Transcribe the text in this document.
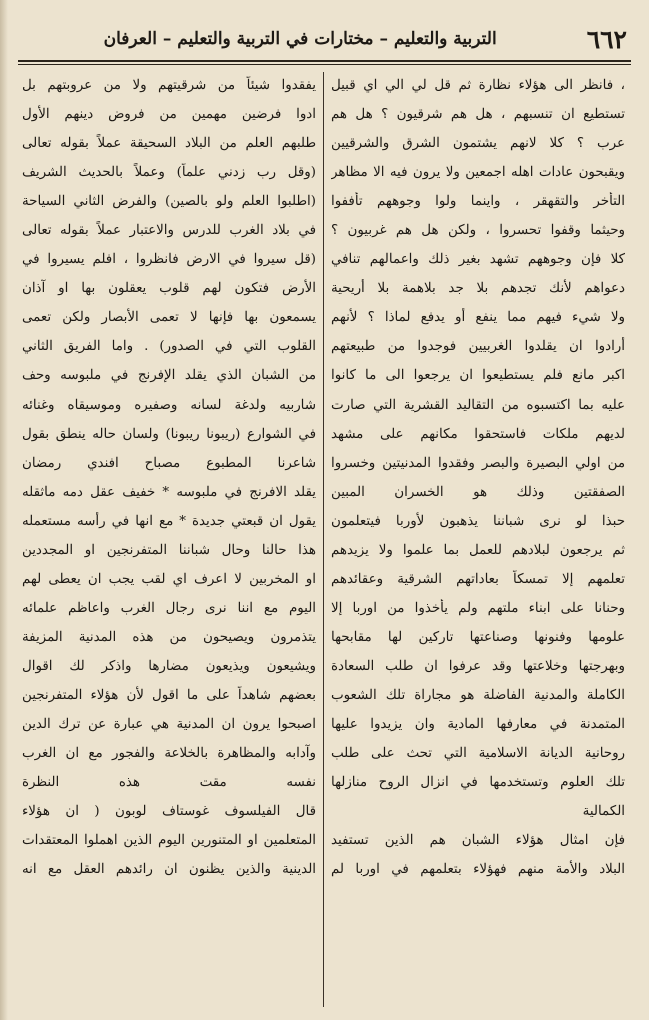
٦٦٢
التربية والتعليم – مختارات في التربية والتعليم – العرفان
، فانظر الى هؤلاء نظارة ثم قل لي الي اي قبيل
تستطيع ان تنسبهم ، هل هم شرقيون ؟ هل هم
عرب ؟ كلا لانهم يشتمون الشرق والشرقيين
ويقبحون عادات اهله اجمعين ولا يرون فيه الا مظاهر
التأخر والتقهقر ، واينما ولوا وجوههم تأففوا
وحيثما وقفوا تحسروا ، ولكن هل هم غربيون ؟
كلا فإن وجوههم تشهد بغير ذلك واعمالهم تنافي
دعواهم لأنك تجدهم بلا جد بلاهمة بلا أريحية
ولا شيء فيهم مما ينفع أو يدفع لماذا ؟ لأنهم
أرادوا ان يقلدوا الغربيين فوجدوا من طبيعتهم
اكبر مانع فلم يستطيعوا ان يرجعوا الى ما كانوا
عليه بما اكتسبوه من التقاليد القشرية التي صارت
لديهم ملكات فاستحقوا مكانهم على مشهد
من اولي البصيرة والبصر وفقدوا المدنيتين وخسروا
الصفقتين وذلك هو الخسران المبين
حبذا لو نرى شباننا يذهبون لأوربا فيتعلمون
ثم يرجعون لبلادهم للعمل بما علموا ولا يزيدهم
تعلمهم إلا تمسكاً بعاداتهم الشرقية وعقائدهم
وحنانا على ابناء ملتهم ولم يأخذوا من اوربا إلا
علومها وفنونها وصناعتها تاركين لها مقابحها
وبهرجتها وخلاعتها وقد عرفوا ان طلب السعادة
الكاملة والمدنية الفاضلة هو مجاراة تلك الشعوب
المتمدنة في معارفها المادية وان يزيدوا عليها
روحانية الديانة الاسلامية التي تحث على طلب
تلك العلوم وتستخدمها في انزال الروح منازلها
الكمالية
فإن امثال هؤلاء الشبان هم الذين تستفيد
البلاد والأمة منهم فهؤلاء بتعلمهم في اوربا لم
يفقدوا شيئاً من شرقيتهم ولا من عروبتهم بل
ادوا فرضين مهمين من فروض دينهم الأول
طلبهم العلم من البلاد السحيقة عملاً بقوله تعالى
(وقل رب زدني علماً) وعملاً بالحديث الشريف
(اطلبوا العلم ولو بالصين) والفرض الثاني السياحة
في بلاد الغرب للدرس والاعتبار عملاً بقوله تعالى
(قل سيروا في الارض فانظروا ، افلم يسيروا في
الأرض فتكون لهم قلوب يعقلون بها او آذان
يسمعون بها فإنها لا تعمى الأبصار ولكن تعمى
القلوب التي في الصدور) . واما الفريق الثاني
من الشبان الذي يقلد الإفرنج في ملبوسه وحف
شاربيه ولدغة لسانه وصفيره وموسيقاه وغنائه
في الشوارع (ريبونا ريبونا) ولسان حاله ينطق بقول
شاعرنا المطبوع مصباح افندي رمضان
يقلد الافرنج في ملبوسه * خفيف عقل دمه ماثقله
يقول ان قبعتي جديدة * مع انها في رأسه مستعمله
هذا حالنا وحال شباننا المتفرنجين او المجددين
او المخربين لا اعرف اي لقب يجب ان يعطى لهم
اليوم مع اننا نرى رجال الغرب واعاظم علمائه
يتذمرون ويصيحون من هذه المدنية المزيفة
ويشيعون ويذيعون مضارها واذكر لك اقوال
بعضهم شاهداً على ما اقول لأن هؤلاء المتفرنجين
اصبحوا يرون ان المدنية هي عبارة عن ترك الدين
وآدابه والمظاهرة بالخلاعة والفجور مع ان الغرب
نفسه مقت هذه النظرة
قال الفيلسوف غوستاف لوبون ( ان هؤلاء
المتعلمين او المتنورين اليوم الذين اهملوا المعتقدات
الدينية والذين يظنون ان رائدهم العقل مع انه
